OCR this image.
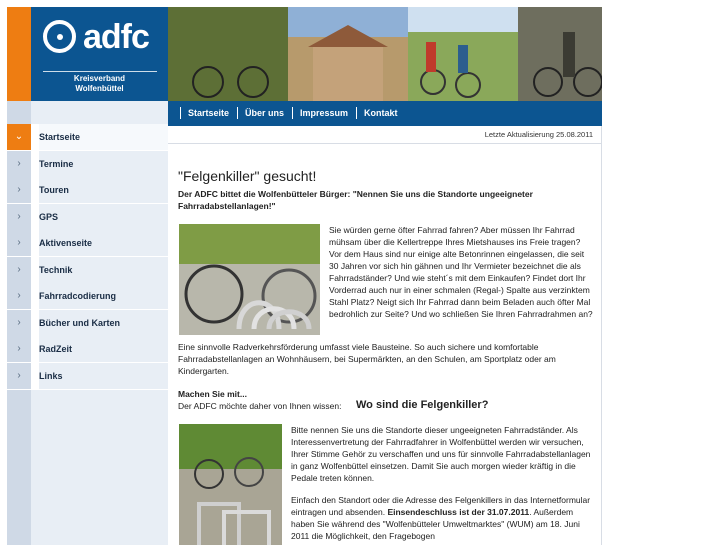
adfc
Kreisverband
Wolfenbüttel
Startseite	Über uns	Impressum	Kontakt
⌄	Startseite
›	Termine
›	Touren
›	GPS
›	Aktivenseite
›	Technik
›	Fahrradcodierung
›	Bücher und Karten
›	RadZeit
›	Links
Letzte Aktualisierung 25.08.2011
"Felgenkiller" gesucht!
Der ADFC bittet die Wolfenbütteler Bürger: "Nennen Sie uns die Standorte ungeeigneter Fahrradabstellanlagen!"
Sie würden gerne öfter Fahrrad fahren? Aber müssen Ihr Fahrrad mühsam über die Kellertreppe Ihres Mietshauses ins Freie tragen? Vor dem Haus sind nur einige alte Betonrinnen eingelassen, die seit 30 Jahren vor sich hin gähnen und Ihr Vermieter bezeichnet die als Fahrradständer? Und wie steht´s mit dem Einkaufen? Findet dort Ihr Vorderrad auch nur in einer schmalen (Regal-) Spalte aus verzinktem Stahl Platz? Neigt sich Ihr Fahrrad dann beim Beladen auch öfter Mal bedrohlich zur Seite? Und wo schließen Sie Ihren Fahrradrahmen an?
Eine sinnvolle Radverkehrsförderung umfasst viele Bausteine. So auch sichere und komfortable Fahrradabstellanlagen an Wohnhäusern, bei Supermärkten, an den Schulen, am Sportplatz oder am Kindergarten.
Machen Sie mit...
Der ADFC möchte daher von Ihnen wissen: Wo sind die Felgenkiller?
Bitte nennen Sie uns die Standorte dieser ungeeigneten Fahrradständer. Als Interessenvertretung der Fahrradfahrer in Wolfenbüttel werden wir versuchen, Ihrer Stimme Gehör zu verschaffen und uns für sinnvolle Fahrradabstellanlagen in ganz Wolfenbüttel einsetzen. Damit Sie auch morgen wieder kräftig in die Pedale treten können.
Einfach den Standort oder die Adresse des Felgenkillers in das Internetformular eintragen und absenden. Einsendeschluss ist der 31.07.2011. Außerdem haben Sie während des "Wolfenbütteler Umweltmarktes" (WUM) am 18. Juni 2011 die Möglichkeit, den Fragebogen
